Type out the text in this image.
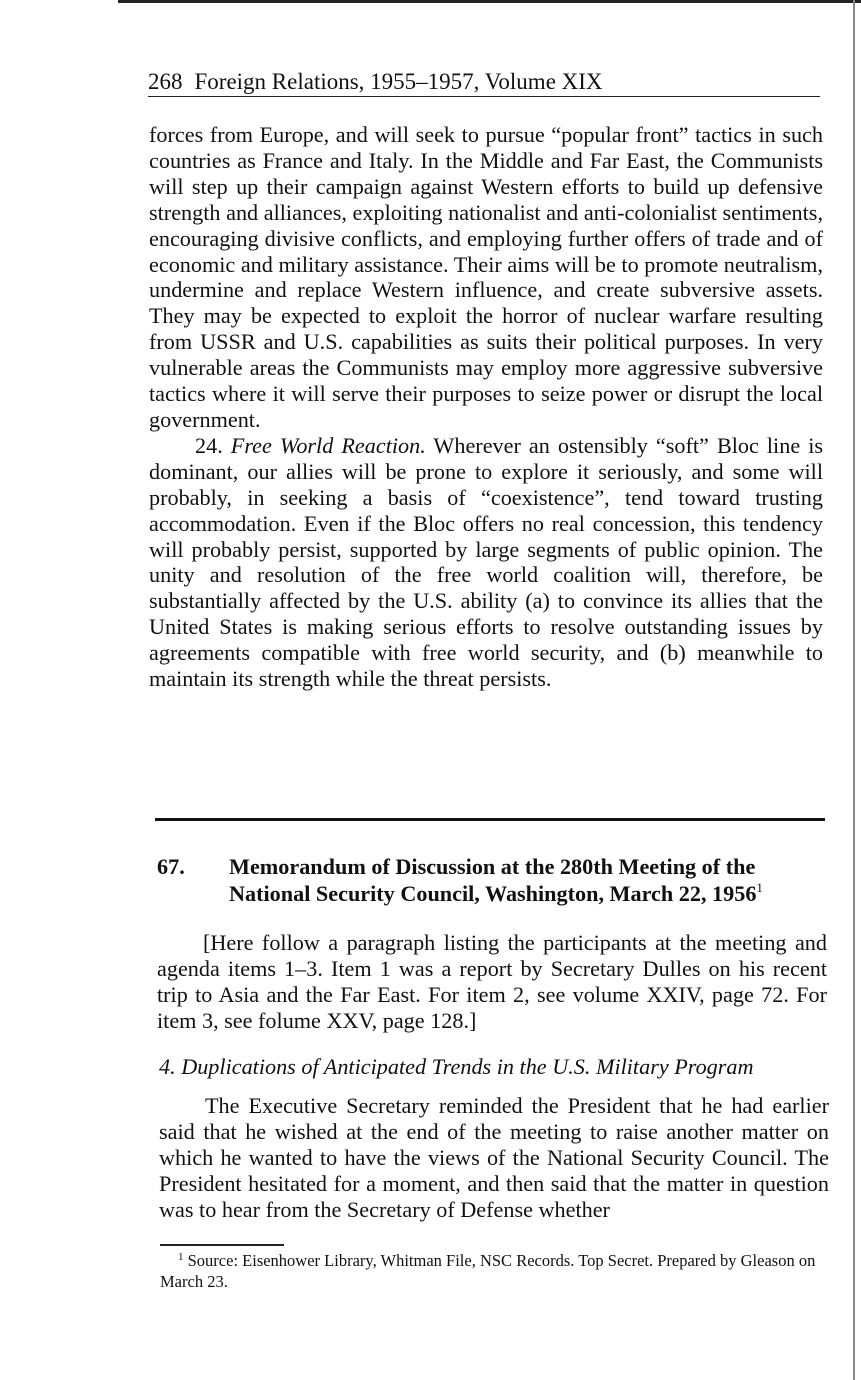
268 Foreign Relations, 1955–1957, Volume XIX

forces from Europe, and will seek to pursue “popular front” tactics in such countries as France and Italy. In the Middle and Far East, the Communists will step up their campaign against Western efforts to build up defensive strength and alliances, exploiting nationalist and anti-colonialist sentiments, encouraging divisive conflicts, and employing further offers of trade and of economic and military assistance. Their aims will be to promote neutralism, undermine and replace Western influence, and create subversive assets. They may be expected to exploit the horror of nuclear warfare resulting from USSR and U.S. capabilities as suits their political purposes. In very vulnerable areas the Communists may employ more aggressive subversive tactics where it will serve their purposes to seize power or disrupt the local government.

24. Free World Reaction. Wherever an ostensibly “soft” Bloc line is dominant, our allies will be prone to explore it seriously, and some will probably, in seeking a basis of “coexistence”, tend toward trusting accommodation. Even if the Bloc offers no real concession, this tendency will probably persist, supported by large segments of public opinion. The unity and resolution of the free world coalition will, therefore, be substantially affected by the U.S. ability (a) to convince its allies that the United States is making serious efforts to resolve outstanding issues by agreements compatible with free world security, and (b) meanwhile to maintain its strength while the threat persists.

67. Memorandum of Discussion at the 280th Meeting of the
National Security Council, Washington, March 22, 1956$^1$

[Here follow a paragraph listing the participants at the meeting and agenda items 1–3. Item 1 was a report by Secretary Dulles on his recent trip to Asia and the Far East. For item 2, see volume XXIV, page 72. For item 3, see folume XXV, page 128.]

4. Duplications of Anticipated Trends in the U.S. Military Program

The Executive Secretary reminded the President that he had earlier said that he wished at the end of the meeting to raise another matter on which he wanted to have the views of the National Security Council. The President hesitated for a moment, and then said that the matter in question was to hear from the Secretary of Defense whether

$^1$ Source: Eisenhower Library, Whitman File, NSC Records. Top Secret. Prepared by Gleason on March 23.
